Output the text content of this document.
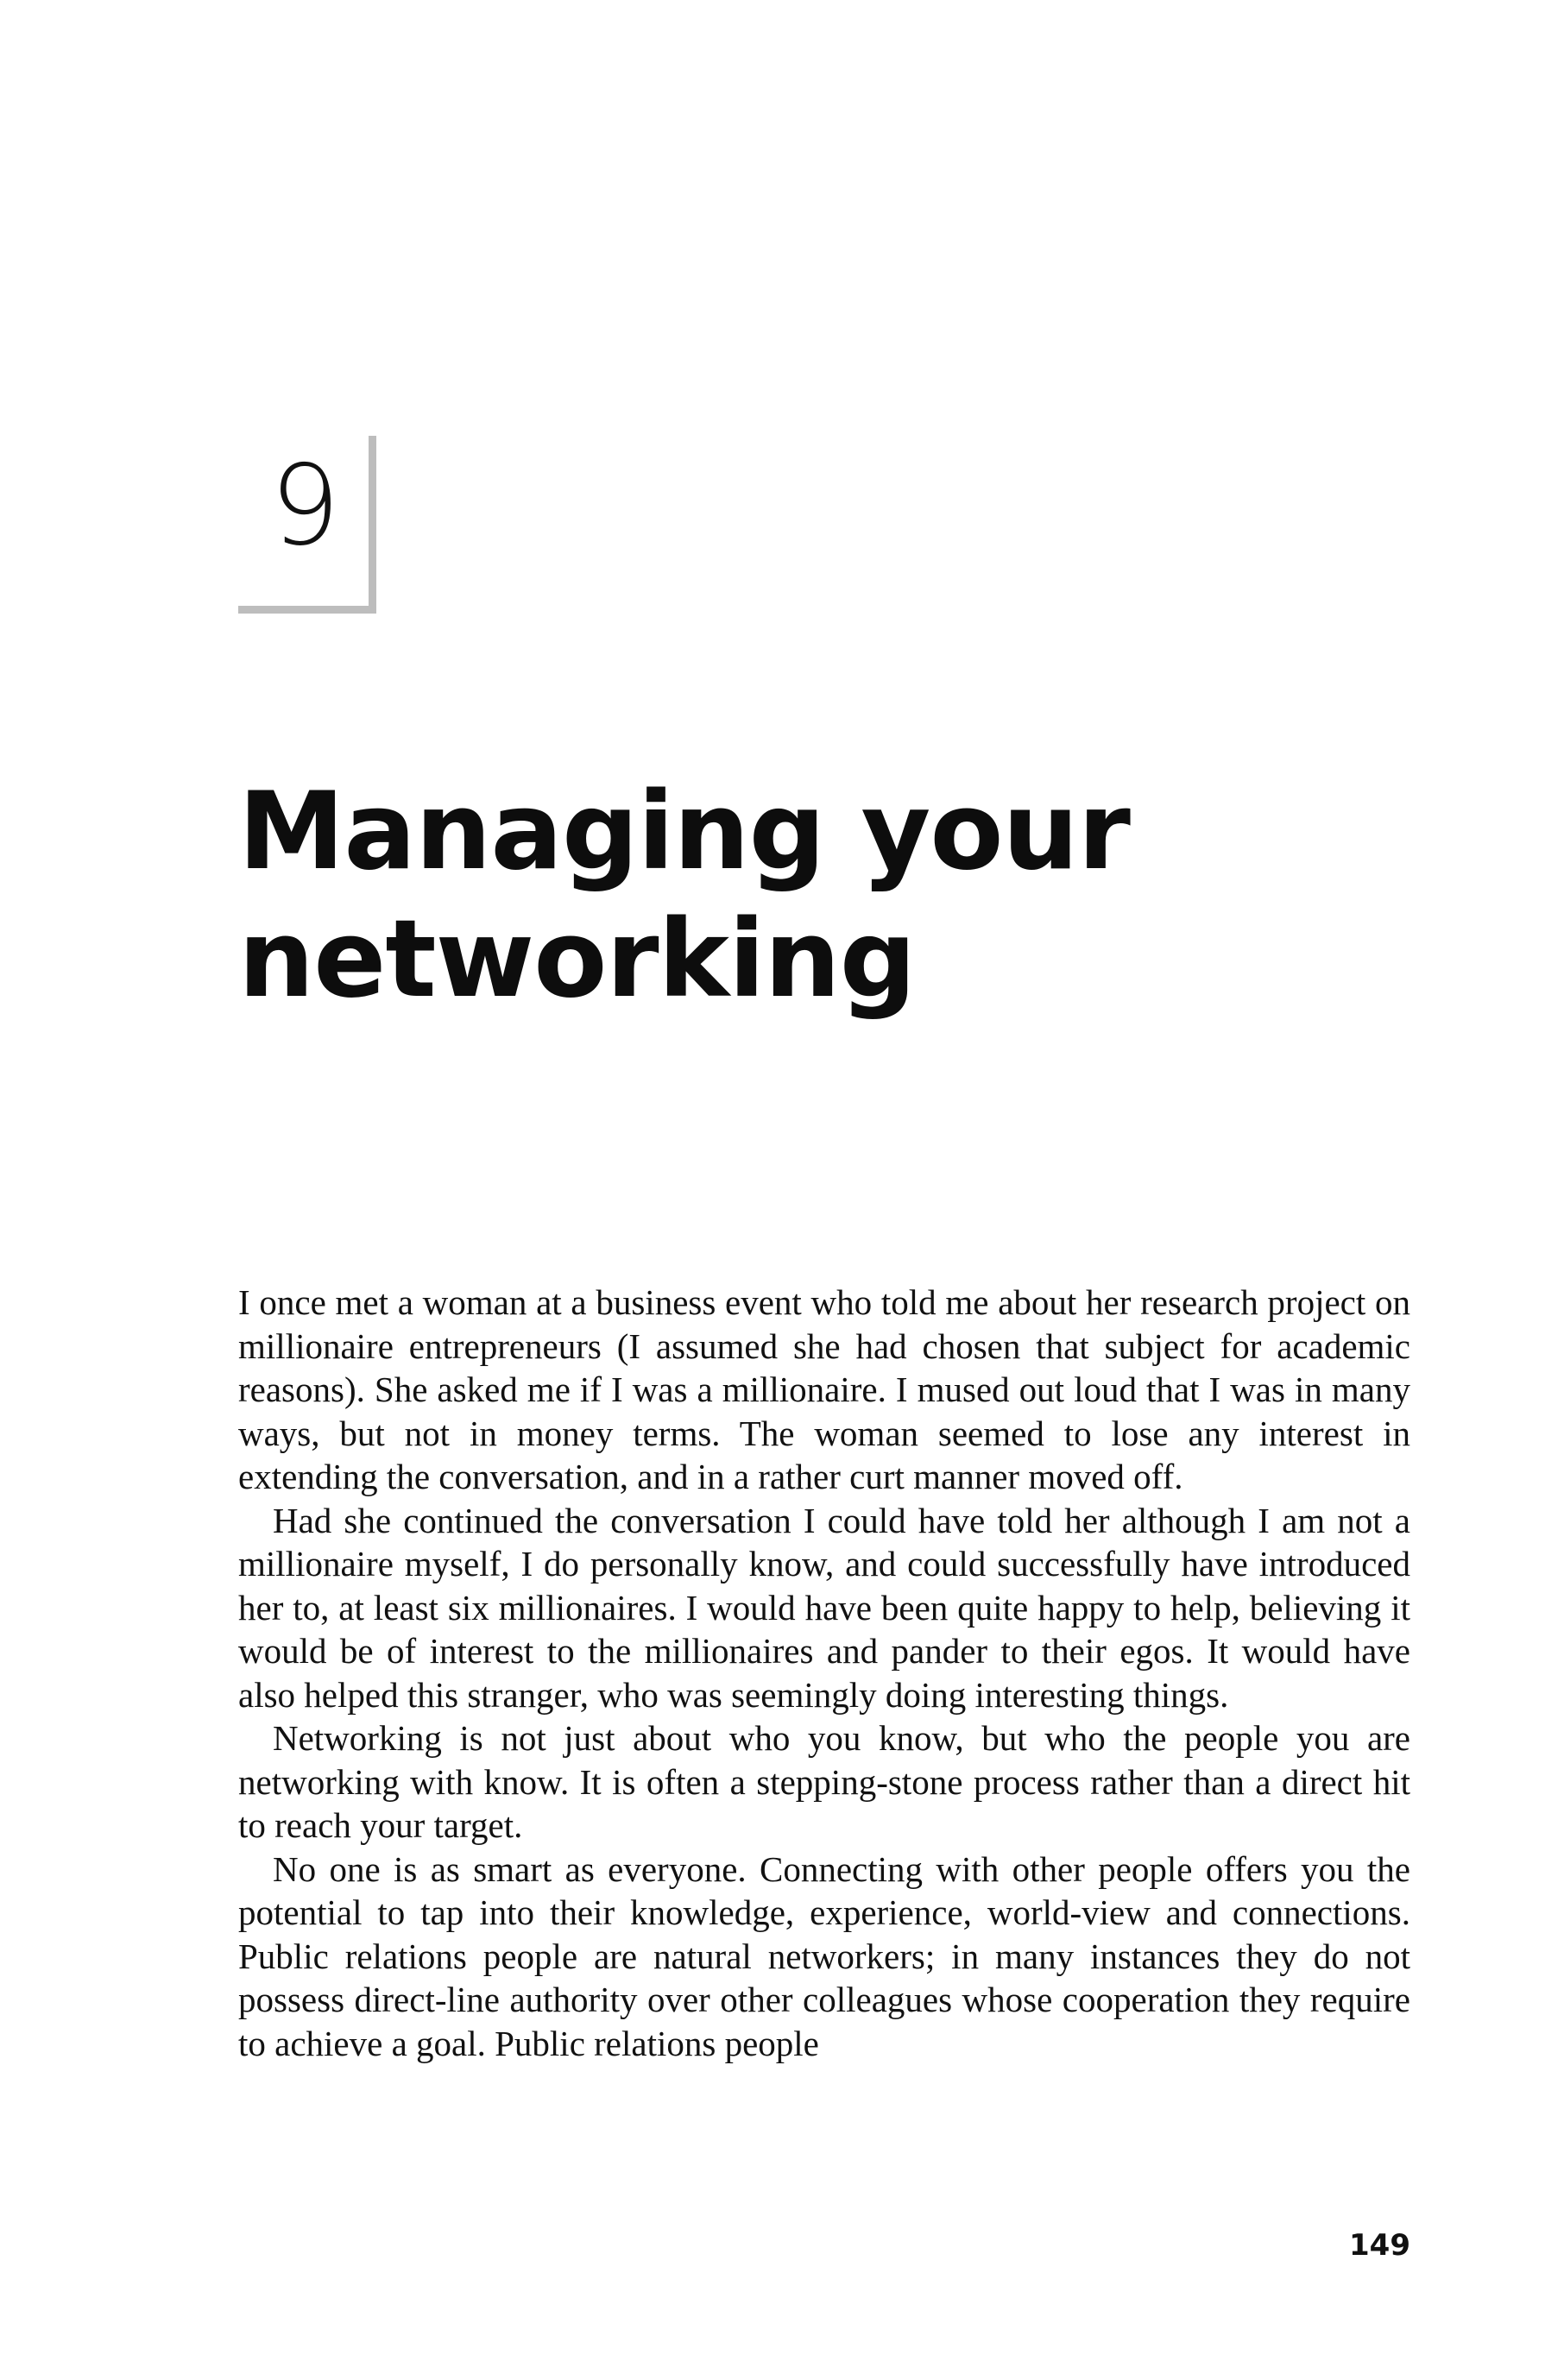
9
Managing your
networking

I once met a woman at a business event who told me about her research project on millionaire entrepreneurs (I assumed she had chosen that subject for academic reasons). She asked me if I was a millionaire. I mused out loud that I was in many ways, but not in money terms. The woman seemed to lose any interest in extending the conversation, and in a rather curt manner moved off.

Had she continued the conversation I could have told her although I am not a millionaire myself, I do personally know, and could successfully have introduced her to, at least six millionaires. I would have been quite happy to help, believing it would be of interest to the millionaires and pander to their egos. It would have also helped this stranger, who was seemingly doing interesting things.

Networking is not just about who you know, but who the people you are networking with know. It is often a stepping-stone process rather than a direct hit to reach your target.

No one is as smart as everyone. Connecting with other people offers you the potential to tap into their knowledge, experience, world-view and connections. Public relations people are natural networkers; in many instances they do not possess direct-line authority over other colleagues whose cooperation they require to achieve a goal. Public relations people

149
